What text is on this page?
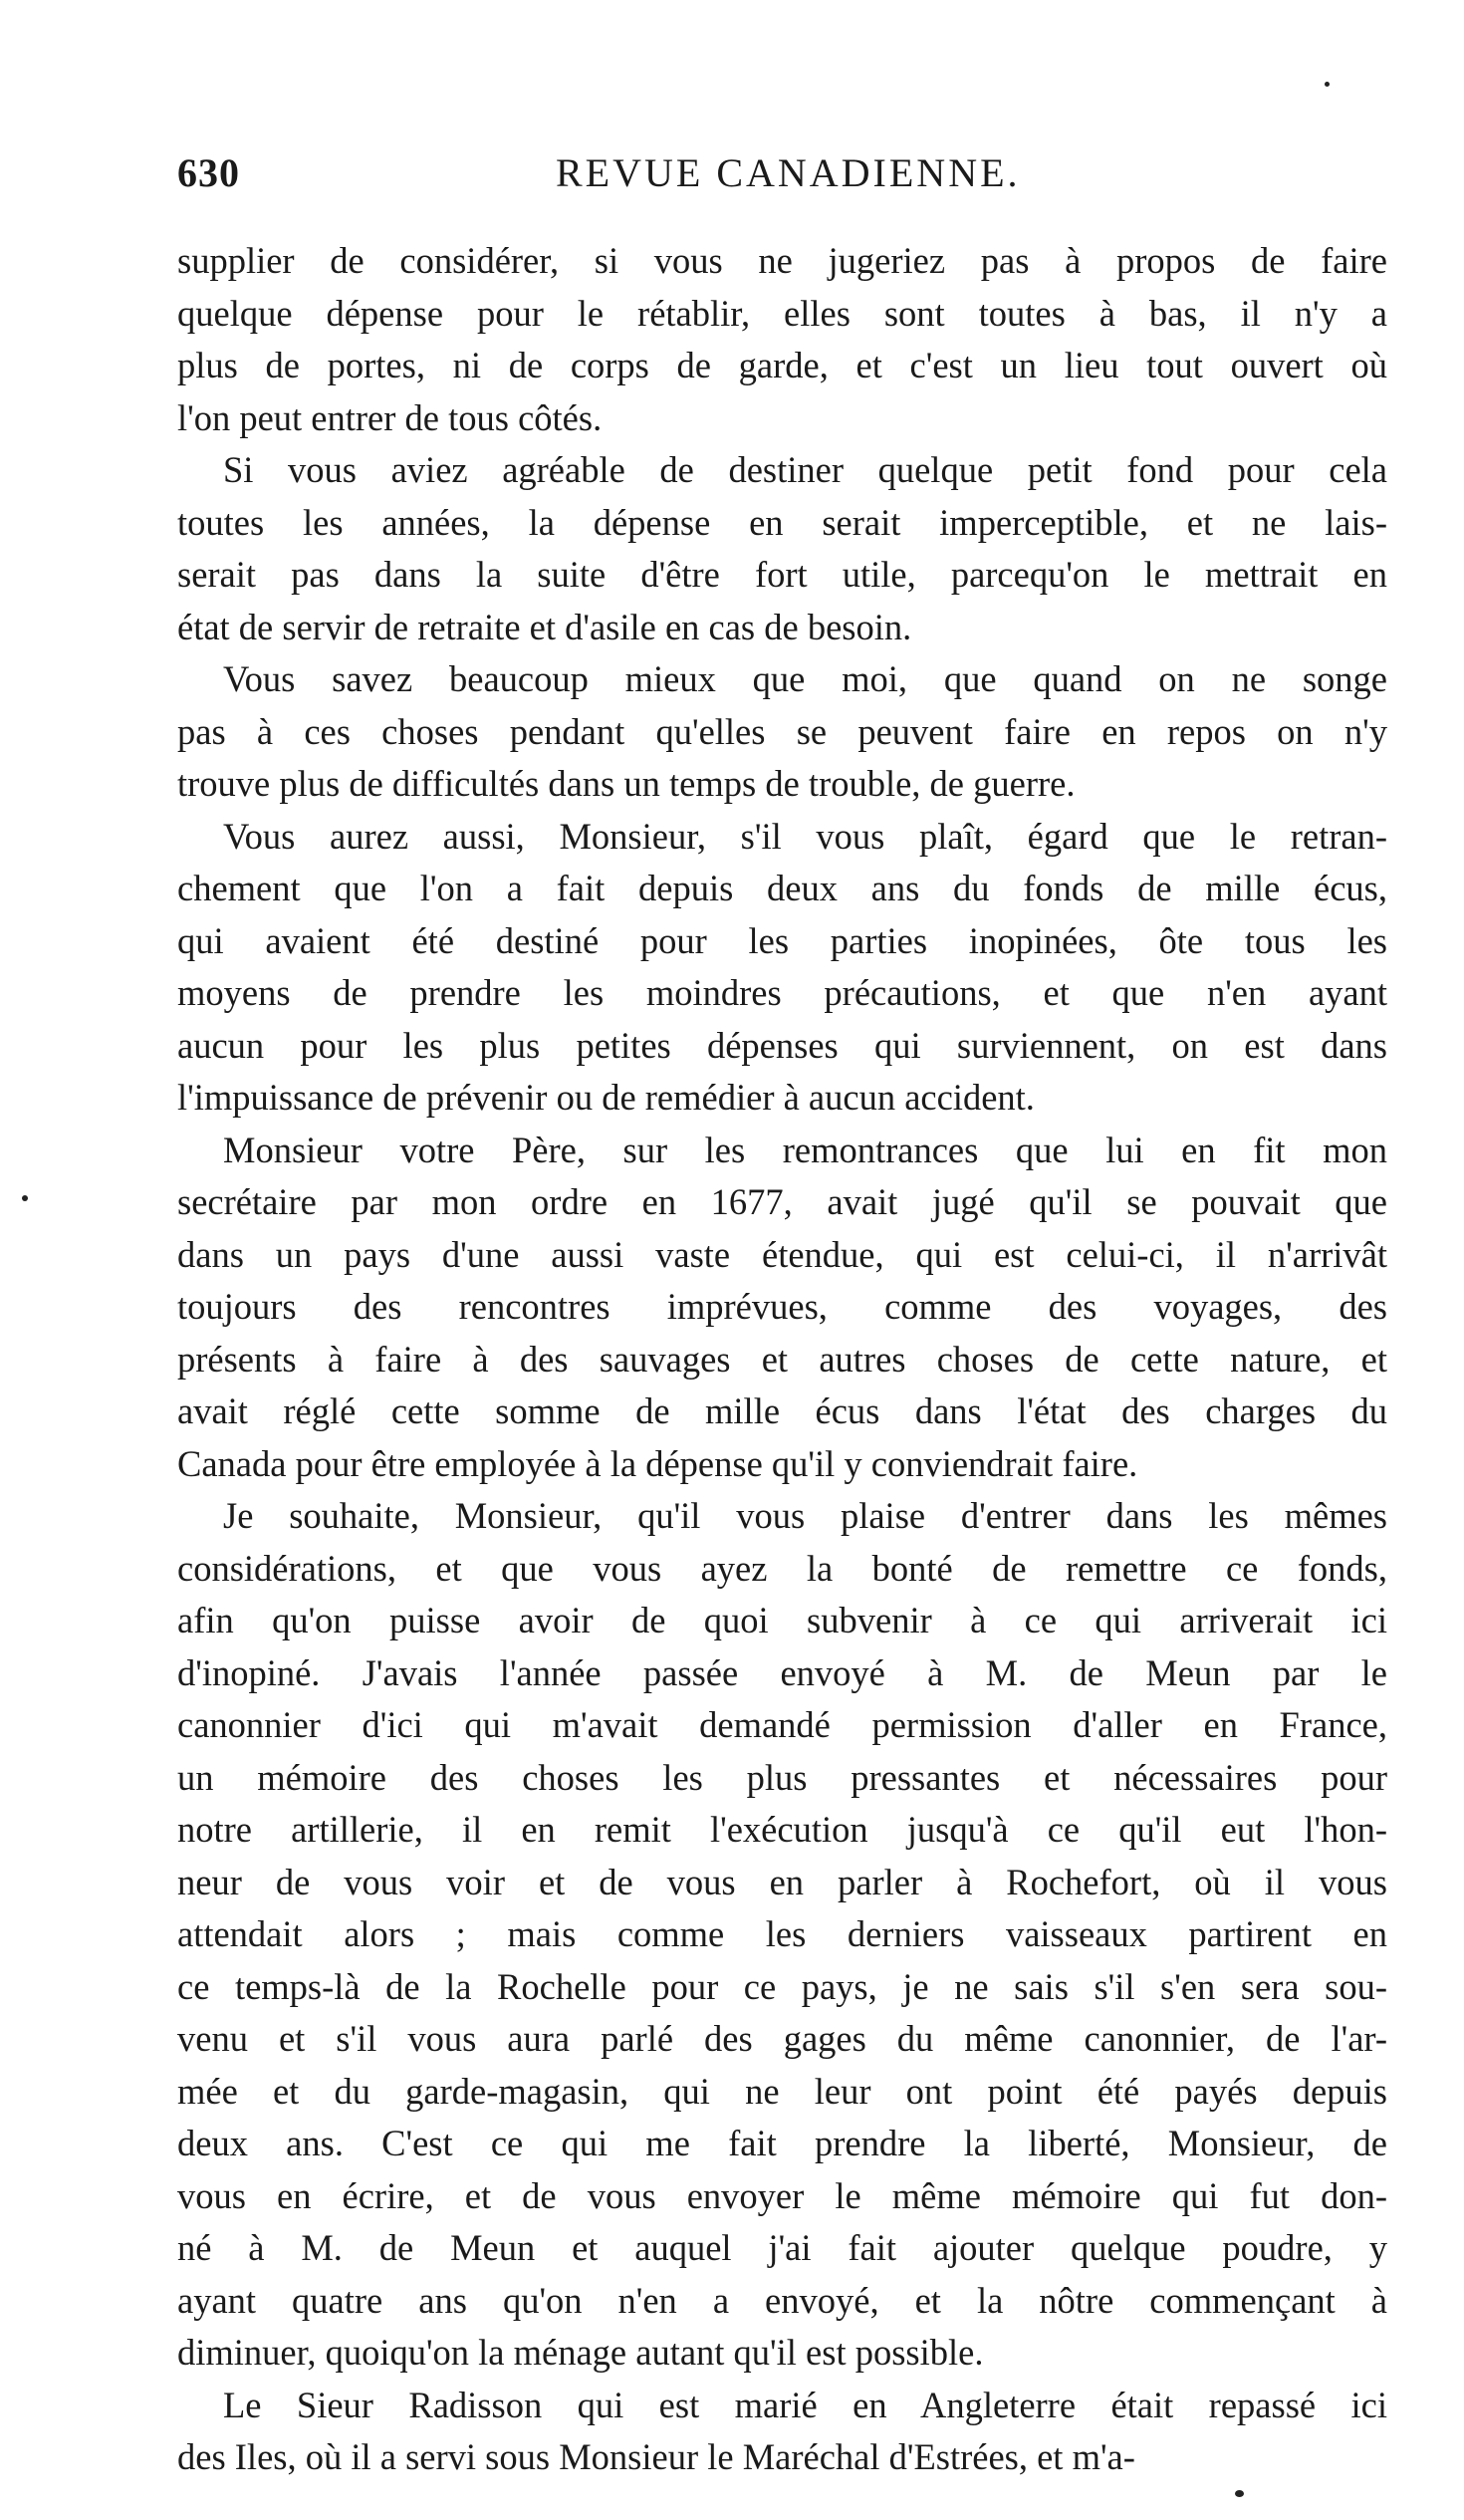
630	REVUE CANADIENNE.
supplier de considérer, si vous ne jugeriez pas à propos de faire
quelque dépense pour le rétablir, elles sont toutes à bas, il n'y a
plus de portes, ni de corps de garde, et c'est un lieu tout ouvert où
l'on peut entrer de tous côtés.
Si vous aviez agréable de destiner quelque petit fond pour cela
toutes les années, la dépense en serait imperceptible, et ne lais-
serait pas dans la suite d'être fort utile, parcequ'on le mettrait en
état de servir de retraite et d'asile en cas de besoin.
Vous savez beaucoup mieux que moi, que quand on ne songe
pas à ces choses pendant qu'elles se peuvent faire en repos on n'y
trouve plus de difficultés dans un temps de trouble, de guerre.
Vous aurez aussi, Monsieur, s'il vous plaît, égard que le retran-
chement que l'on a fait depuis deux ans du fonds de mille écus,
qui avaient été destiné pour les parties inopinées, ôte tous les
moyens de prendre les moindres précautions, et que n'en ayant
aucun pour les plus petites dépenses qui surviennent, on est dans
l'impuissance de prévenir ou de remédier à aucun accident.
Monsieur votre Père, sur les remontrances que lui en fit mon
secrétaire par mon ordre en 1677, avait jugé qu'il se pouvait que
dans un pays d'une aussi vaste étendue, qui est celui-ci, il n'arrivât
toujours des rencontres imprévues, comme des voyages, des
présents à faire à des sauvages et autres choses de cette nature, et
avait réglé cette somme de mille écus dans l'état des charges du
Canada pour être employée à la dépense qu'il y conviendrait faire.
Je souhaite, Monsieur, qu'il vous plaise d'entrer dans les mêmes
considérations, et que vous ayez la bonté de remettre ce fonds,
afin qu'on puisse avoir de quoi subvenir à ce qui arriverait ici
d'inopiné. J'avais l'année passée envoyé à M. de Meun par le
canonnier d'ici qui m'avait demandé permission d'aller en France,
un mémoire des choses les plus pressantes et nécessaires pour
notre artillerie, il en remit l'exécution jusqu'à ce qu'il eut l'hon-
neur de vous voir et de vous en parler à Rochefort, où il vous
attendait alors ; mais comme les derniers vaisseaux partirent en
ce temps-là de la Rochelle pour ce pays, je ne sais s'il s'en sera sou-
venu et s'il vous aura parlé des gages du même canonnier, de l'ar-
mée et du garde-magasin, qui ne leur ont point été payés depuis
deux ans. C'est ce qui me fait prendre la liberté, Monsieur, de
vous en écrire, et de vous envoyer le même mémoire qui fut don-
né à M. de Meun et auquel j'ai fait ajouter quelque poudre, y
ayant quatre ans qu'on n'en a envoyé, et la nôtre commençant à
diminuer, quoiqu'on la ménage autant qu'il est possible.
Le Sieur Radisson qui est marié en Angleterre était repassé ici
des Iles, où il a servi sous Monsieur le Maréchal d'Estrées, et m'a-
